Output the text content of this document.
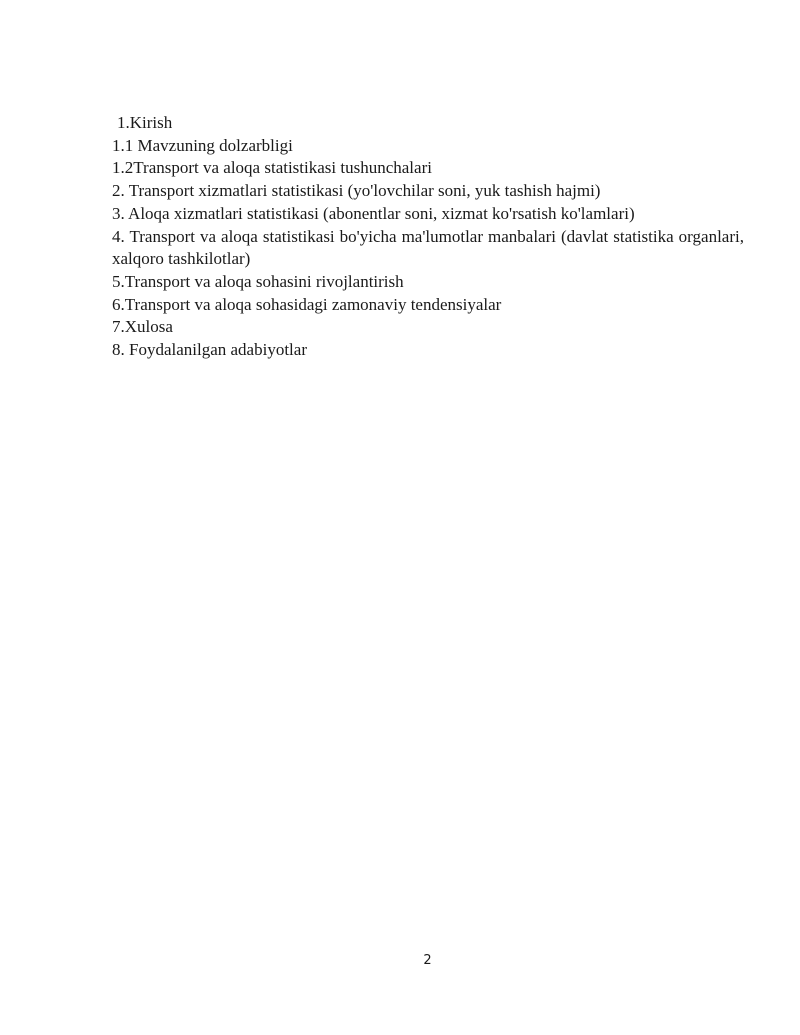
1.Kirish
1.1 Mavzuning dolzarbligi
1.2Transport va aloqa statistikasi tushunchalari
2. Transport xizmatlari statistikasi (yo'lovchilar soni, yuk tashish hajmi)
3. Aloqa xizmatlari statistikasi (abonentlar soni, xizmat ko'rsatish ko'lamlari)
4. Transport va aloqa statistikasi bo'yicha ma'lumotlar manbalari (davlat statistika organlari, xalqoro tashkilotlar)
5.Transport va aloqa sohasini rivojlantirish
6.Transport va aloqa sohasidagi zamonaviy tendensiyalar
7.Xulosa
8. Foydalanilgan adabiyotlar
2
